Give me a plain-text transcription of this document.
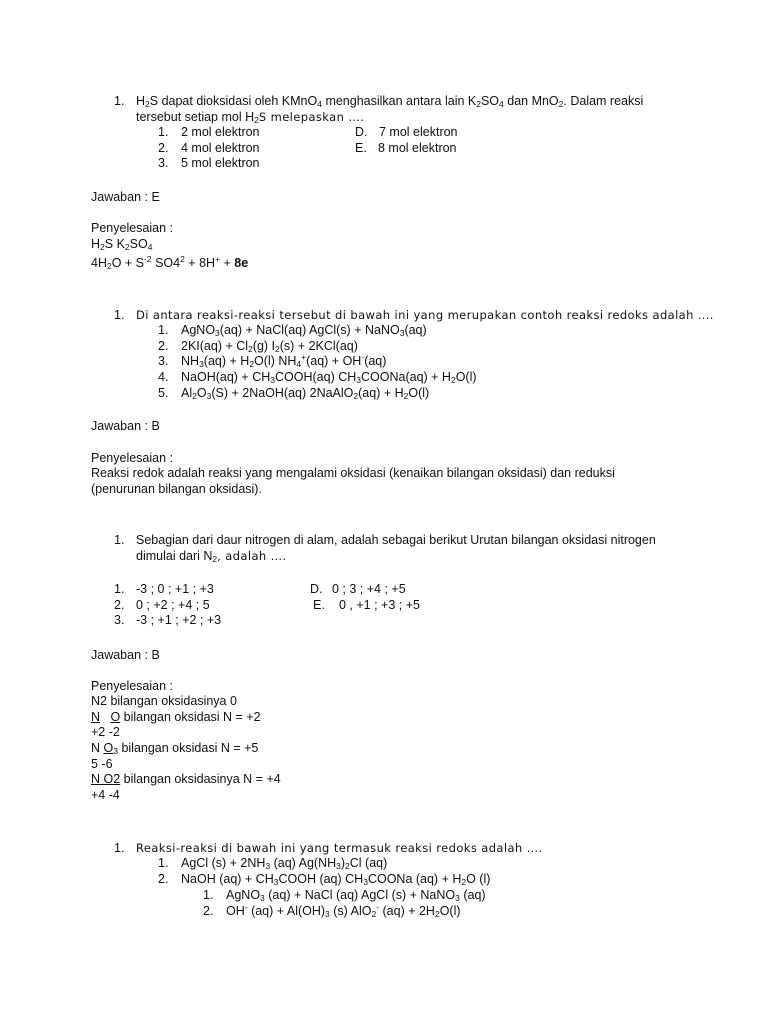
1. $H_2S$ dapat dioksidasi oleh KMnO$_4$ menghasilkan antara lain $K_2SO_4$ dan MnO$_2$. Dalam reaksi
tersebut setiap mol $H_2S$ melepaskan ….
1. 2 mol elektron
2. 4 mol elektron
3. 5 mol elektron
D. 7 mol elektron
E. 8 mol elektron
Jawaban : E
Penyelesaian :
$H_2S$ $K_2SO_4$
$4H_2O + S^{-2}$ $SO4^2 + 8H^+ + 8e$
1. Di antara reaksi-reaksi tersebut di bawah ini yang merupakan contoh reaksi redoks adalah ….
1. AgNO$_3$(aq) + NaCl(aq) AgCl(s) + NaNO$_3$(aq)
2. $2KI(aq) + Cl_2(g) I_2(s) + 2KCl(aq)$
3. $NH_3(aq) + H_2O(l) NH_4^+(aq) + OH^-(aq)$
4. NaOH(aq) + $CH_3COOH(aq)$ $CH_3COONa(aq) + H_2O(l)$
5. $Al_2O_3(S)$ + 2NaOH(aq) 2NaAlO$_2$(aq) + $H_2O(l)$
Jawaban : B
Penyelesaian :
Reaksi redok adalah reaksi yang mengalami oksidasi (kenaikan bilangan oksidasi) dan reduksi
(penurunan bilangan oksidasi).
1. Sebagian dari daur nitrogen di alam, adalah sebagai berikut Urutan bilangan oksidasi nitrogen
dimulai dari $N_2$, adalah ….
1. -3 ; 0 ; +1 ; +3
2. 0 ; +2 ; +4 ; 5
3. -3 ; +1 ; +2 ; +3
D. 0 ; 3 ; +4 ; +5
E. 0 , +1 ; +3 ; +5
Jawaban : B
Penyelesaian :
N2 bilangan oksidasinya 0
N O bilangan oksidasi N = +2
+2 -2
N $O_3$ bilangan oksidasi N = +5
5 -6
N O2 bilangan oksidasinya N = +4
+4 -4
1. Reaksi-reaksi di bawah ini yang termasuk reaksi redoks adalah ….
1. AgCl $(s) + 2NH_3$ (aq) $Ag(NH_3)_2Cl$ (aq)
2. NaOH $(aq) + CH_3COOH$ (aq) $CH_3COONa$ $(aq) + H_2O$ (l)
1. AgNO$_3$ (aq) + NaCl (aq) AgCl (s) + NaNO$_3$ (aq)
2. OH- $(aq) + Al(OH)_3$ (s) AlO$_2$- $(aq) + 2H_2O(l)$
